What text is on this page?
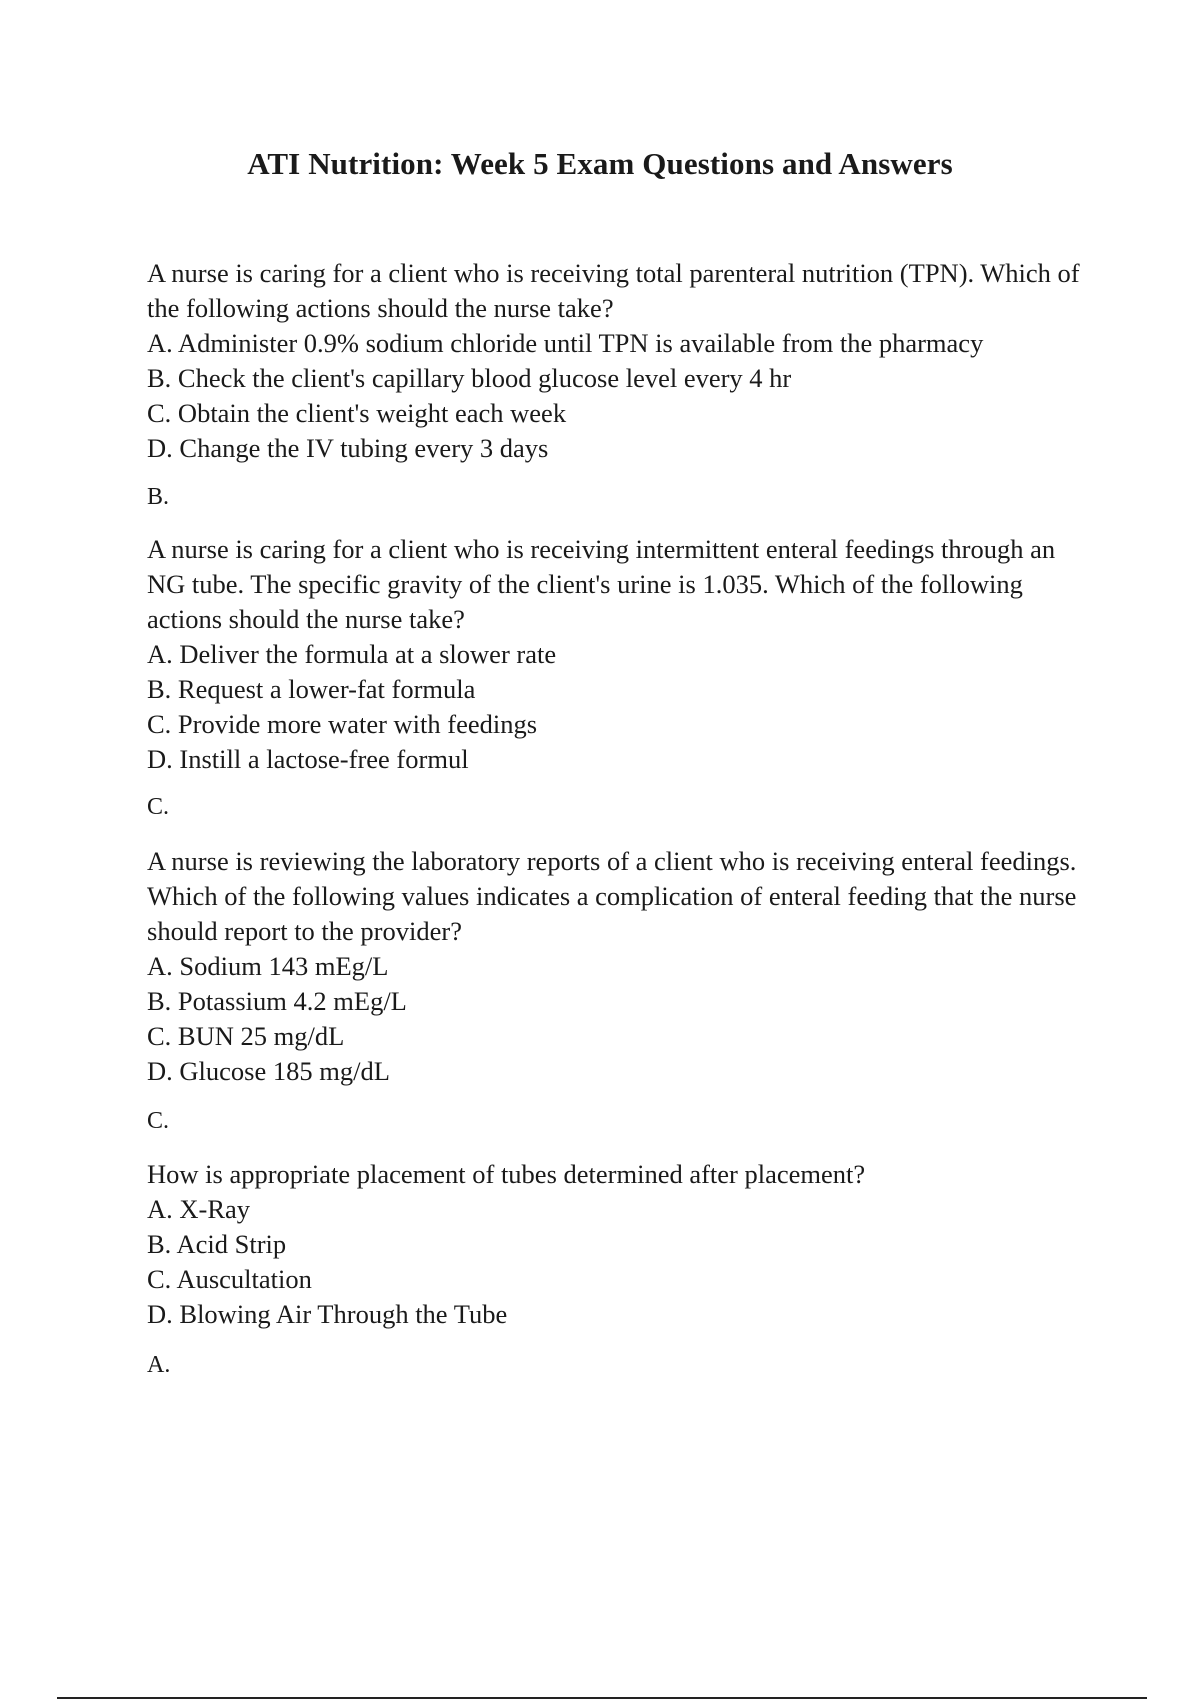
ATI Nutrition: Week 5 Exam Questions and Answers

A nurse is caring for a client who is receiving total parenteral nutrition (TPN). Which of the following actions should the nurse take?

A. Administer 0.9% sodium chloride until TPN is available from the pharmacy
B. Check the client's capillary blood glucose level every 4 hr
C. Obtain the client's weight each week
D. Change the IV tubing every 3 days

B.

A nurse is caring for a client who is receiving intermittent enteral feedings through an NG tube. The specific gravity of the client's urine is 1.035. Which of the following actions should the nurse take?

A. Deliver the formula at a slower rate
B. Request a lower-fat formula
C. Provide more water with feedings
D. Instill a lactose-free formul

C.

A nurse is reviewing the laboratory reports of a client who is receiving enteral feedings. Which of the following values indicates a complication of enteral feeding that the nurse should report to the provider?

A. Sodium 143 mEg/L
B. Potassium 4.2 mEg/L
C. BUN 25 mg/dL
D. Glucose 185 mg/dL

C.

How is appropriate placement of tubes determined after placement?

A. X-Ray
B. Acid Strip
C. Auscultation
D. Blowing Air Through the Tube

A.
